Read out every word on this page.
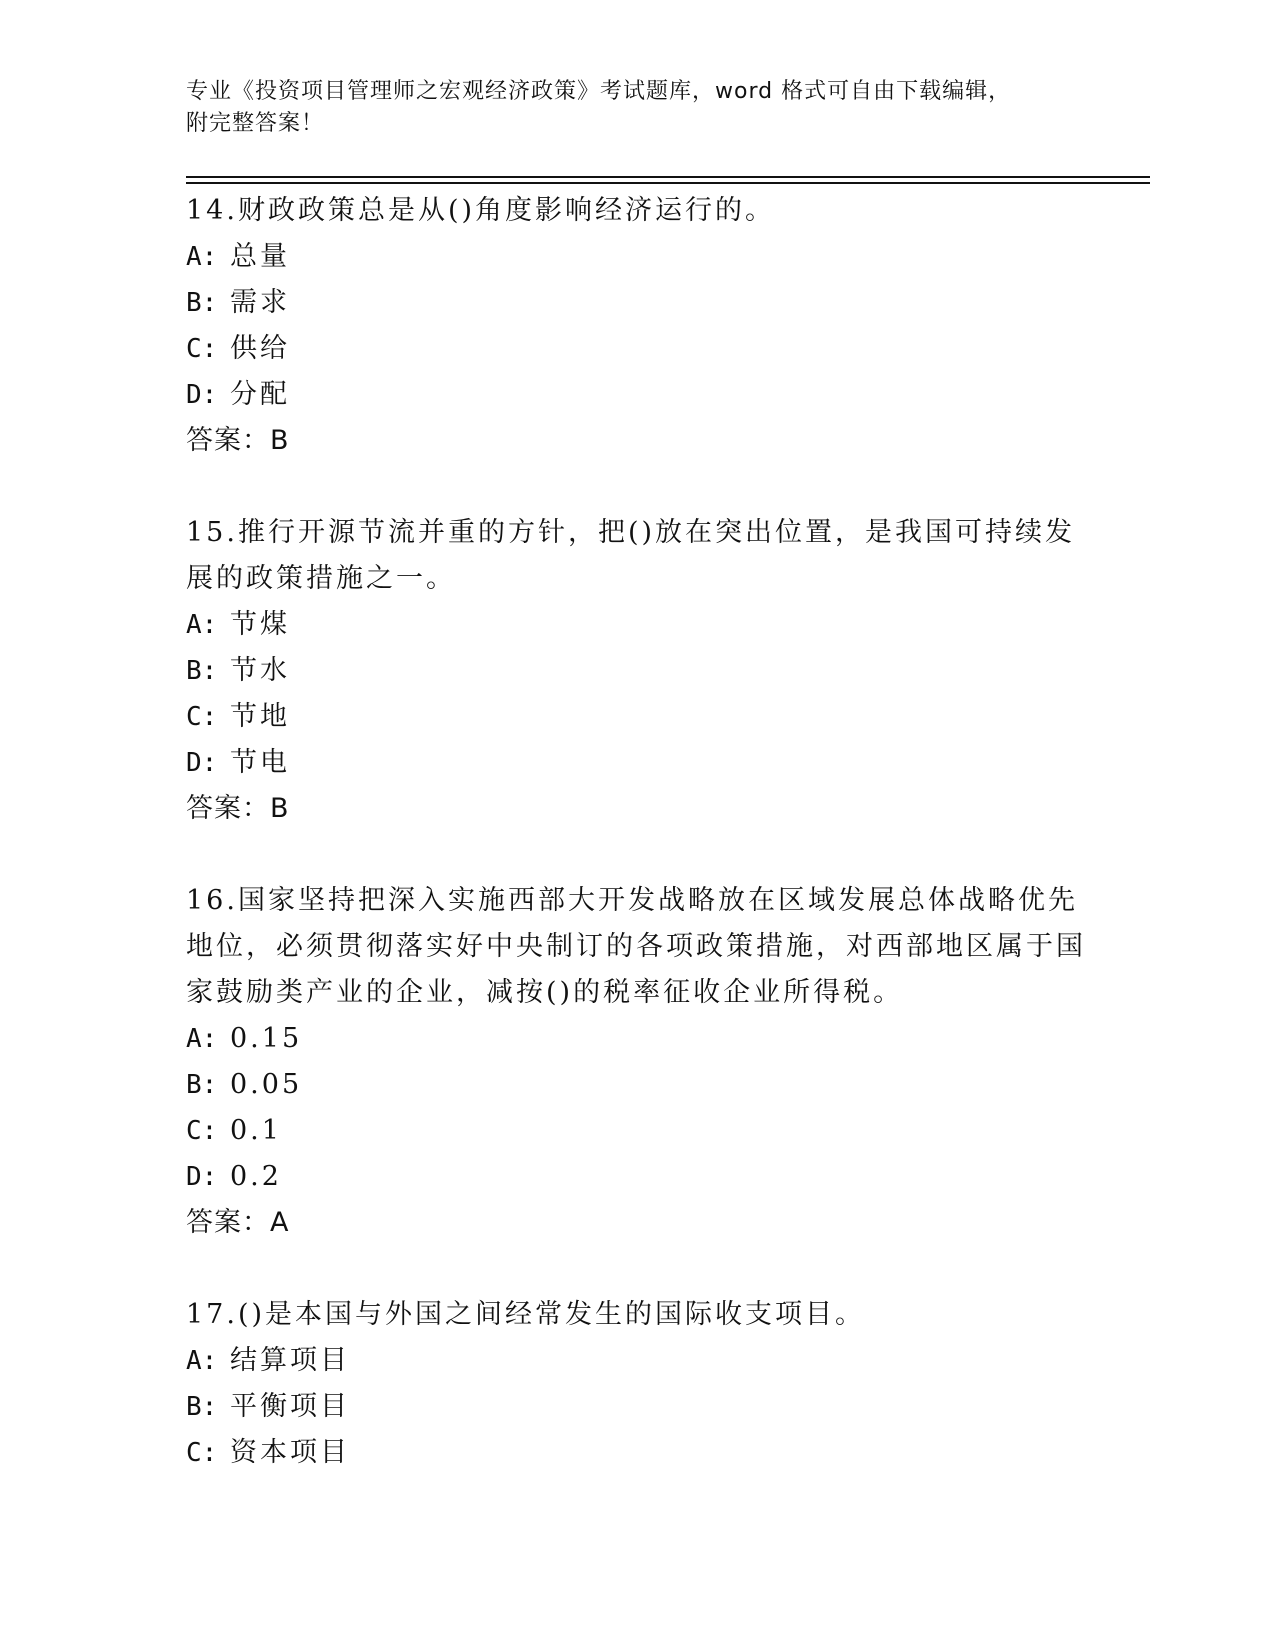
专业《投资项目管理师之宏观经济政策》考试题库，word 格式可自由下载编辑，
附完整答案！
14.财政政策总是从()角度影响经济运行的。
A: 总量
B: 需求
C: 供给
D: 分配
答案：B
15.推行开源节流并重的方针，把()放在突出位置，是我国可持续发展的政策措施之一。
A: 节煤
B: 节水
C: 节地
D: 节电
答案：B
16.国家坚持把深入实施西部大开发战略放在区域发展总体战略优先地位，必须贯彻落实好中央制订的各项政策措施，对西部地区属于国家鼓励类产业的企业，减按()的税率征收企业所得税。
A: 0.15
B: 0.05
C: 0.1
D: 0.2
答案：A
17.()是本国与外国之间经常发生的国际收支项目。
A: 结算项目
B: 平衡项目
C: 资本项目
